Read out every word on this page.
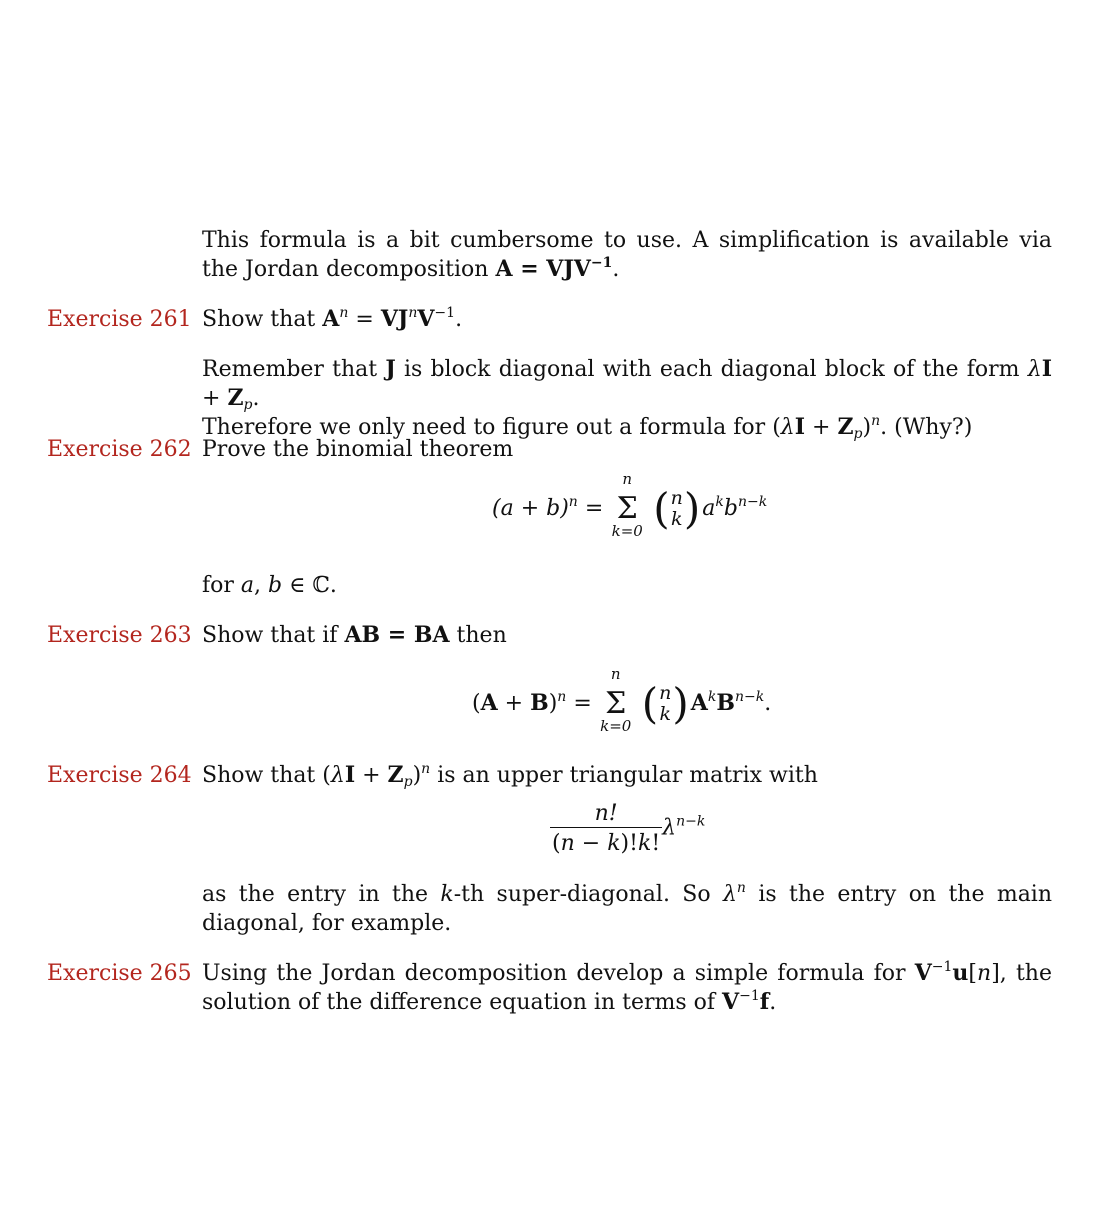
This formula is a bit cumbersome to use. A simplification is available via the Jordan decomposition $A = VJV^{-1}$.
Exercise 261 Show that $A^n = VJ^nV^{-1}$.
Remember that J is block diagonal with each diagonal block of the form $\lambda I + Z_p$.
Therefore we only need to figure out a formula for $(\lambda I + Z_p)^n$. (Why?)
Exercise 262 Prove the binomial theorem
$(a + b)^n$ =
n
Σ
k=0
( n
k ) $a^kb^{n-k}$
for a, b ∈ ℂ.
Exercise 263 Show that if AB = BA then
$(A + B)^n$ =
n
Σ
k=0
( n
k ) $A^kB^{n-k}$.
Exercise 264 Show that $(\lambda I + Z_p)^n$ is an upper triangular matrix with
$\frac{n!}{(n - k)!k!} \lambda^{n-k}$
as the entry in the k-th super-diagonal. So $\lambda^n$ is the entry on the main diagonal, for example.
Exercise 265 Using the Jordan decomposition develop a simple formula for $V^{-1}u[n]$, the solution of the difference equation in terms of $V^{-1}f$.
